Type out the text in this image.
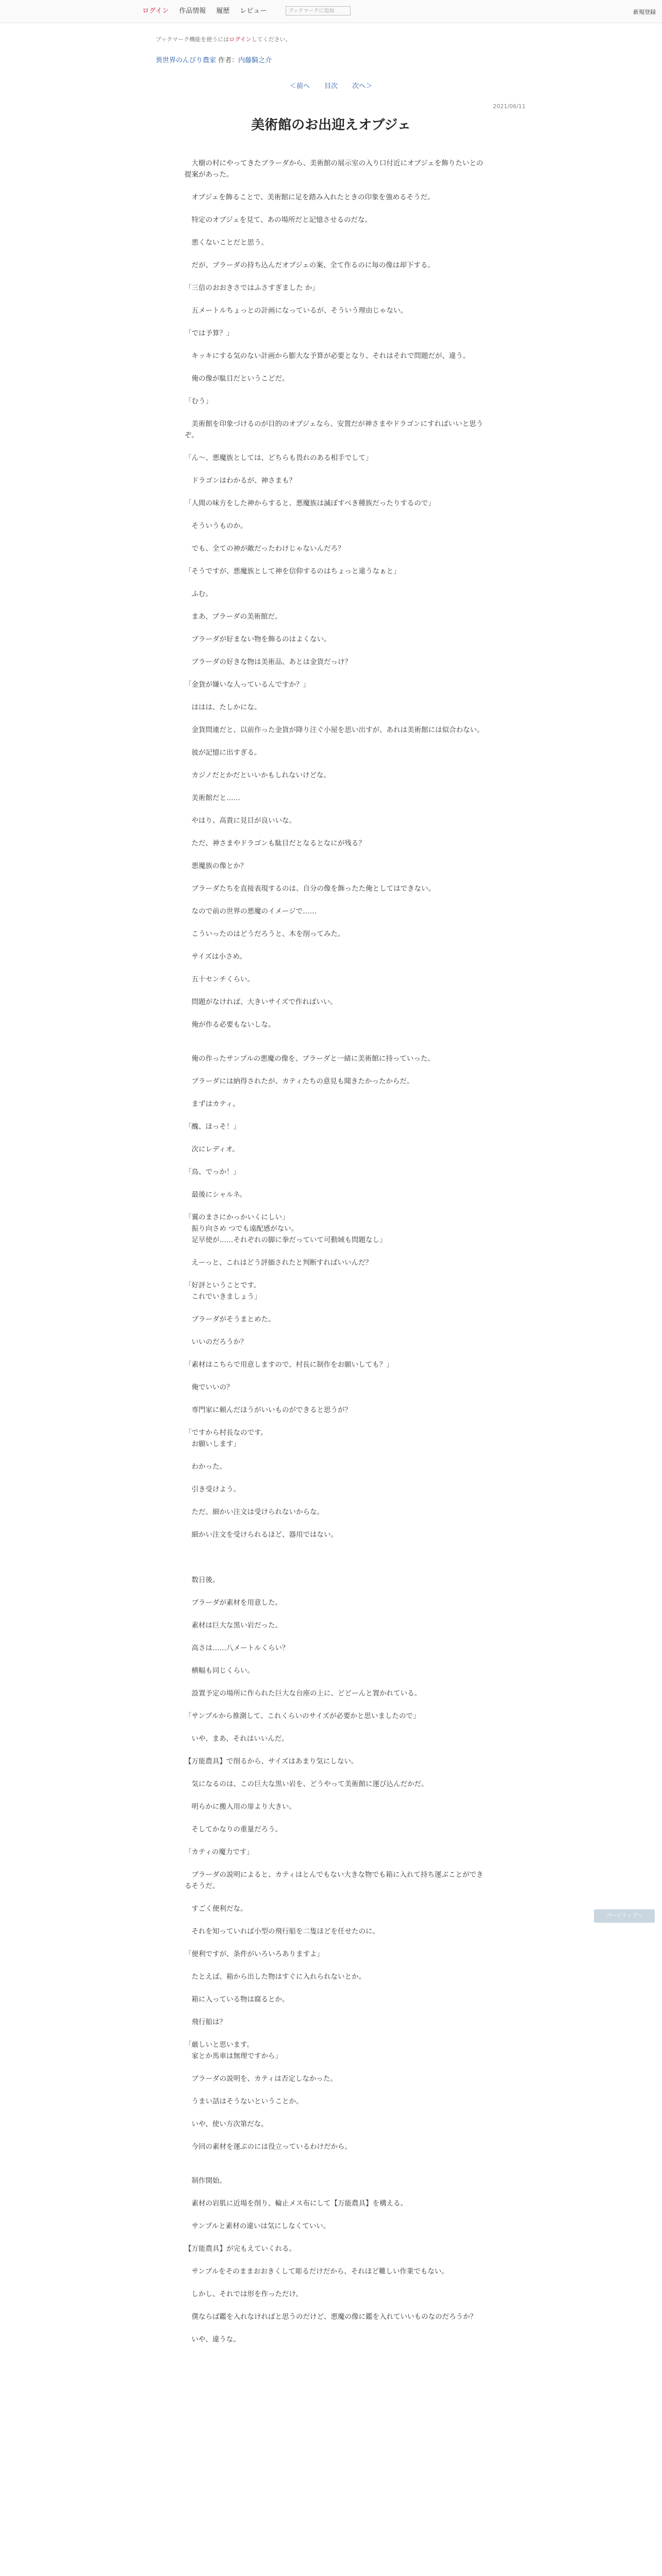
ログイン 作品情報 履歴 レビュー	ブックマークに追加	新規登録
ブックマーク機能を使うにはログインしてください。
異世界のんびり農家 作者：内藤騎之介
＜前へ 目次 次へ＞
2021/06/11
美術館のお出迎えオブジェ

　大樹の村にやってきたブラーダから、美術館の展示室の入り口付近にオブジェを飾りたいとの提案があった。

　オブジェを飾ることで、美術館に足を踏み入れたときの印象を強めるそうだ。

　特定のオブジェを見て、あの場所だと記憶させるのだな。

　悪くないことだと思う。

　だが、ブラーダの持ち込んだオブジェの案、全て作るのに毎の像は却下する。

「三倍のおおきさではふさすぎました か」

　五メートルちょっとの計画になっているが、そういう理由じゃない。

「では予算？」

　キッキにする気のない計画から膨大な予算が必要となり、それはそれで問題だが、違う。

　俺の像が駄目だというこどだ。

「むう」

　美術館を印象づけるのが目的のオブジェなら、安置だが神さまやドラゴンにすればいいと思うぞ。

「ん〜、悪魔族としては、どちらも畏れのある相手でして」

　ドラゴンはわかるが、神さまも？

「人間の味方をした神からすると、悪魔族は滅ぼすべき種族だったりするので」

　そういうものか。

　でも、全ての神が敵だったわけじゃないんだろ？

「そうですが、悪魔族として神を信仰するのはちょっと違うなぁと」

　ふむ。

　まあ、ブラーダの美術館だ。

　ブラーダが好まない物を飾るのはよくない。

　ブラーダの好きな物は美術品、あとは金貨だっけ？

「金貨が嫌いな人っているんですか？」

　ははは、たしかにな。

　金貨問連だと、以前作った金貨が降り注ぐ小屋を思い出すが、あれは美術館には似合わない。

　彼が記憶に出すぎる。

　カジノだとかだといいかもしれないけどな。

　美術館だと……

　やはり、高貴に見目が良いいな。

　ただ、神さまやドラゴンも駄目だとなるとなにが残る？

　悪魔族の像とか？

　ブラーダたちを直接表現するのは、自分の像を飾ったた俺としてはできない。

　なので前の世界の悪魔のイメージで……

　こういったのはどうだろうと、木を削ってみた。

　サイズは小さめ。

　五十センチくらい。

　問題がなければ、大きいサイズで作ればいい。

　俺が作る必要もないしな。

　俺の作ったサンプルの悪魔の像を、ブラーダと一緒に美術館に持っていった。

　ブラーダには納得されたが、カティたちの意見も聞きたかったからだ。

　まずはカティ。

「醜、ほっそ！」

　次にレディオ。

「鳥、でっか！」

　最後にシャルネ。

「翼のまさにかっかいくにしい」

　振り向さめ つでも遠配感がない。

　足早使が……それぞれの脚に拳だっていて可動域も問題なし」

　えーっと、これはどう評価されたと判断すればいいんだ？

「好評ということです。

　これでいきましょう」

　ブラーダがそうまとめた。

　いいのだろうか？

「素材はこちらで用意しますので、村長に制作をお願いしても？」

　俺でいいの？

　専門家に頼んだほうがいいものができると思うが？

「ですから村長なのです。

　お願いします」

　わかった。

　引き受けよう。

　ただ、細かい注文は受けられないからな。

　細かい注文を受けられるほど、器用ではない。

　数日後。

　ブラーダが素材を用意した。

　素材は巨大な黒い岩だった。

　高さは……八メートルくらい？

　横幅も同じくらい。

　設置予定の場所に作られた巨大な台座の上に、どどーんと置かれている。

「サンプルから推測して、これくらいのサイズが必要かと思いましたので」

　いや、まあ、それはいいんだ。

【万能農具】で削るから、サイズはあまり気にしない。

　気になるのは、この巨大な黒い岩を、どうやって美術館に運び込んだかだ。

　明らかに搬入用の扉より大きい。

　そしてかなりの重量だろう。

「カティの魔力です」

　ブラーダの説明によると、カティはとんでもない大きな物でも箱に入れて持ち運ぶことができるそうだ。

　すごく便利だな。

　それを知っていれば小型の飛行船を二隻ほどを任せたのに。

「便利ですが、条件がいろいろありますよ」

　たとえば、箱から出した物はすぐに入れられないとか。

　箱に入っている物は腐るとか。

　飛行船は？

「厳しいと思います。

　家とか馬車は無理ですから」

　ブラーダの説明を、カティは否定しなかった。

　うまい話はそうないということか。

　いや、使い方次第だな。

　今回の素材を運ぶのには役立っているわけだから。

　制作開始。

　素材の岩肌に近場を削り、輪止メス布にして【万能農具】を構える。

　サンプルと素材の違いは気にしなくていい。

【万能農具】が完もえていくれる。

　サンプルをそのままおおきくして彫るだけだから、それほど難しい作業でもない。

　しかし、それでは形を作っただけ。

　僕ならば鑑を入れなければと思うのだけど、悪魔の像に鑑を入れていいものなのだろうか？

　いや、違うな。

ページトップへ
